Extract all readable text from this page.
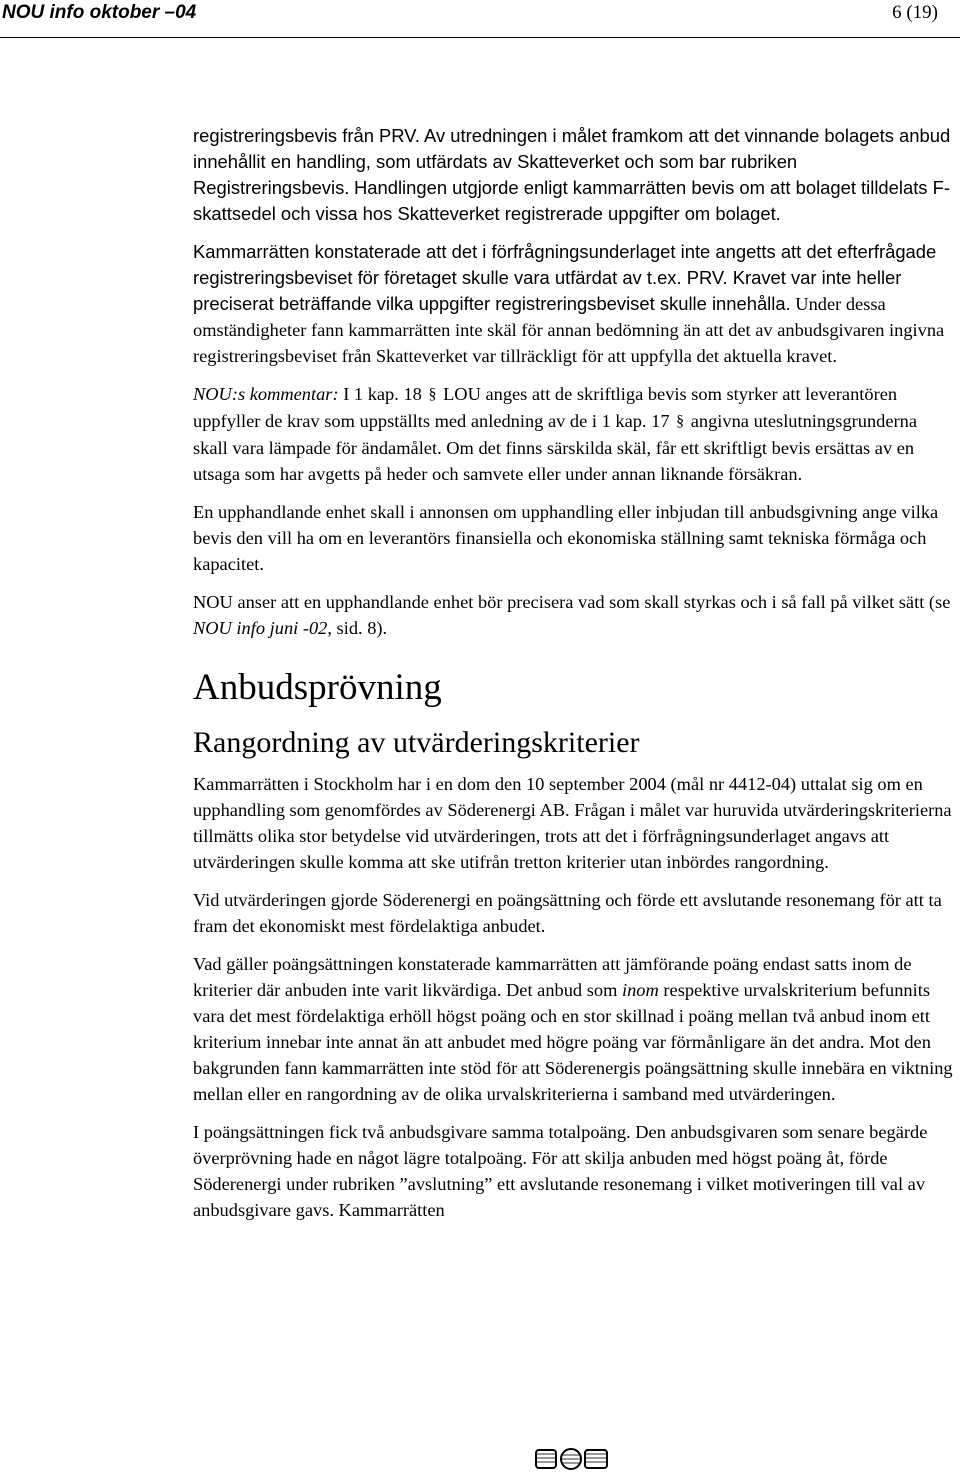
NOU info oktober –04	6 (19)

registreringsbevis från PRV. Av utredningen i målet framkom att det vinnande bolagets anbud innehållit en handling, som utfärdats av Skatteverket och som bar rubriken Registreringsbevis. Handlingen utgjorde enligt kammarrätten bevis om att bolaget tilldelats F-skattsedel och vissa hos Skatteverket registrerade uppgifter om bolaget.

Kammarrätten konstaterade att det i förfrågningsunderlaget inte angetts att det efterfrågade registreringsbeviset för företaget skulle vara utfärdat av t.ex. PRV. Kravet var inte heller preciserat beträffande vilka uppgifter registreringsbeviset skulle innehålla. Under dessa omständigheter fann kammarrätten inte skäl för annan bedömning än att det av anbudsgivaren ingivna registreringsbeviset från Skatteverket var tillräckligt för att uppfylla det aktuella kravet.

NOU:s kommentar: I 1 kap. 18 § LOU anges att de skriftliga bevis som styrker att leverantören uppfyller de krav som uppställts med anledning av de i 1 kap. 17 § angivna uteslutningsgrunderna skall vara lämpade för ändamålet. Om det finns särskilda skäl, får ett skriftligt bevis ersättas av en utsaga som har avgetts på heder och samvete eller under annan liknande försäkran.

En upphandlande enhet skall i annonsen om upphandling eller inbjudan till anbudsgivning ange vilka bevis den vill ha om en leverantörs finansiella och ekonomiska ställning samt tekniska förmåga och kapacitet.

NOU anser att en upphandlande enhet bör precisera vad som skall styrkas och i så fall på vilket sätt (se NOU info juni -02, sid. 8).

Anbudsprövning
Rangordning av utvärderingskriterier

Kammarrätten i Stockholm har i en dom den 10 september 2004 (mål nr 4412-04) uttalat sig om en upphandling som genomfördes av Söderenergi AB. Frågan i målet var huruvida utvärderingskriterierna tillmätts olika stor betydelse vid utvärderingen, trots att det i förfrågningsunderlaget angavs att utvärderingen skulle komma att ske utifrån tretton kriterier utan inbördes rangordning.

Vid utvärderingen gjorde Söderenergi en poängsättning och förde ett avslutande resonemang för att ta fram det ekonomiskt mest fördelaktiga anbudet.

Vad gäller poängsättningen konstaterade kammarrätten att jämförande poäng endast satts inom de kriterier där anbuden inte varit likvärdiga. Det anbud som inom respektive urvalskriterium befunnits vara det mest fördelaktiga erhöll högst poäng och en stor skillnad i poäng mellan två anbud inom ett kriterium innebar inte annat än att anbudet med högre poäng var förmånligare än det andra. Mot den bakgrunden fann kammarrätten inte stöd för att Söderenergis poängsättning skulle innebära en viktning mellan eller en rangordning av de olika urvalskriterierna i samband med utvärderingen.

I poängsättningen fick två anbudsgivare samma totalpoäng. Den anbudsgivaren som senare begärde överprövning hade en något lägre totalpoäng. För att skilja anbuden med högst poäng åt, förde Söderenergi under rubriken ”avslutning” ett avslutande resonemang i vilket motiveringen till val av anbudsgivare gavs. Kammarrätten

nou
